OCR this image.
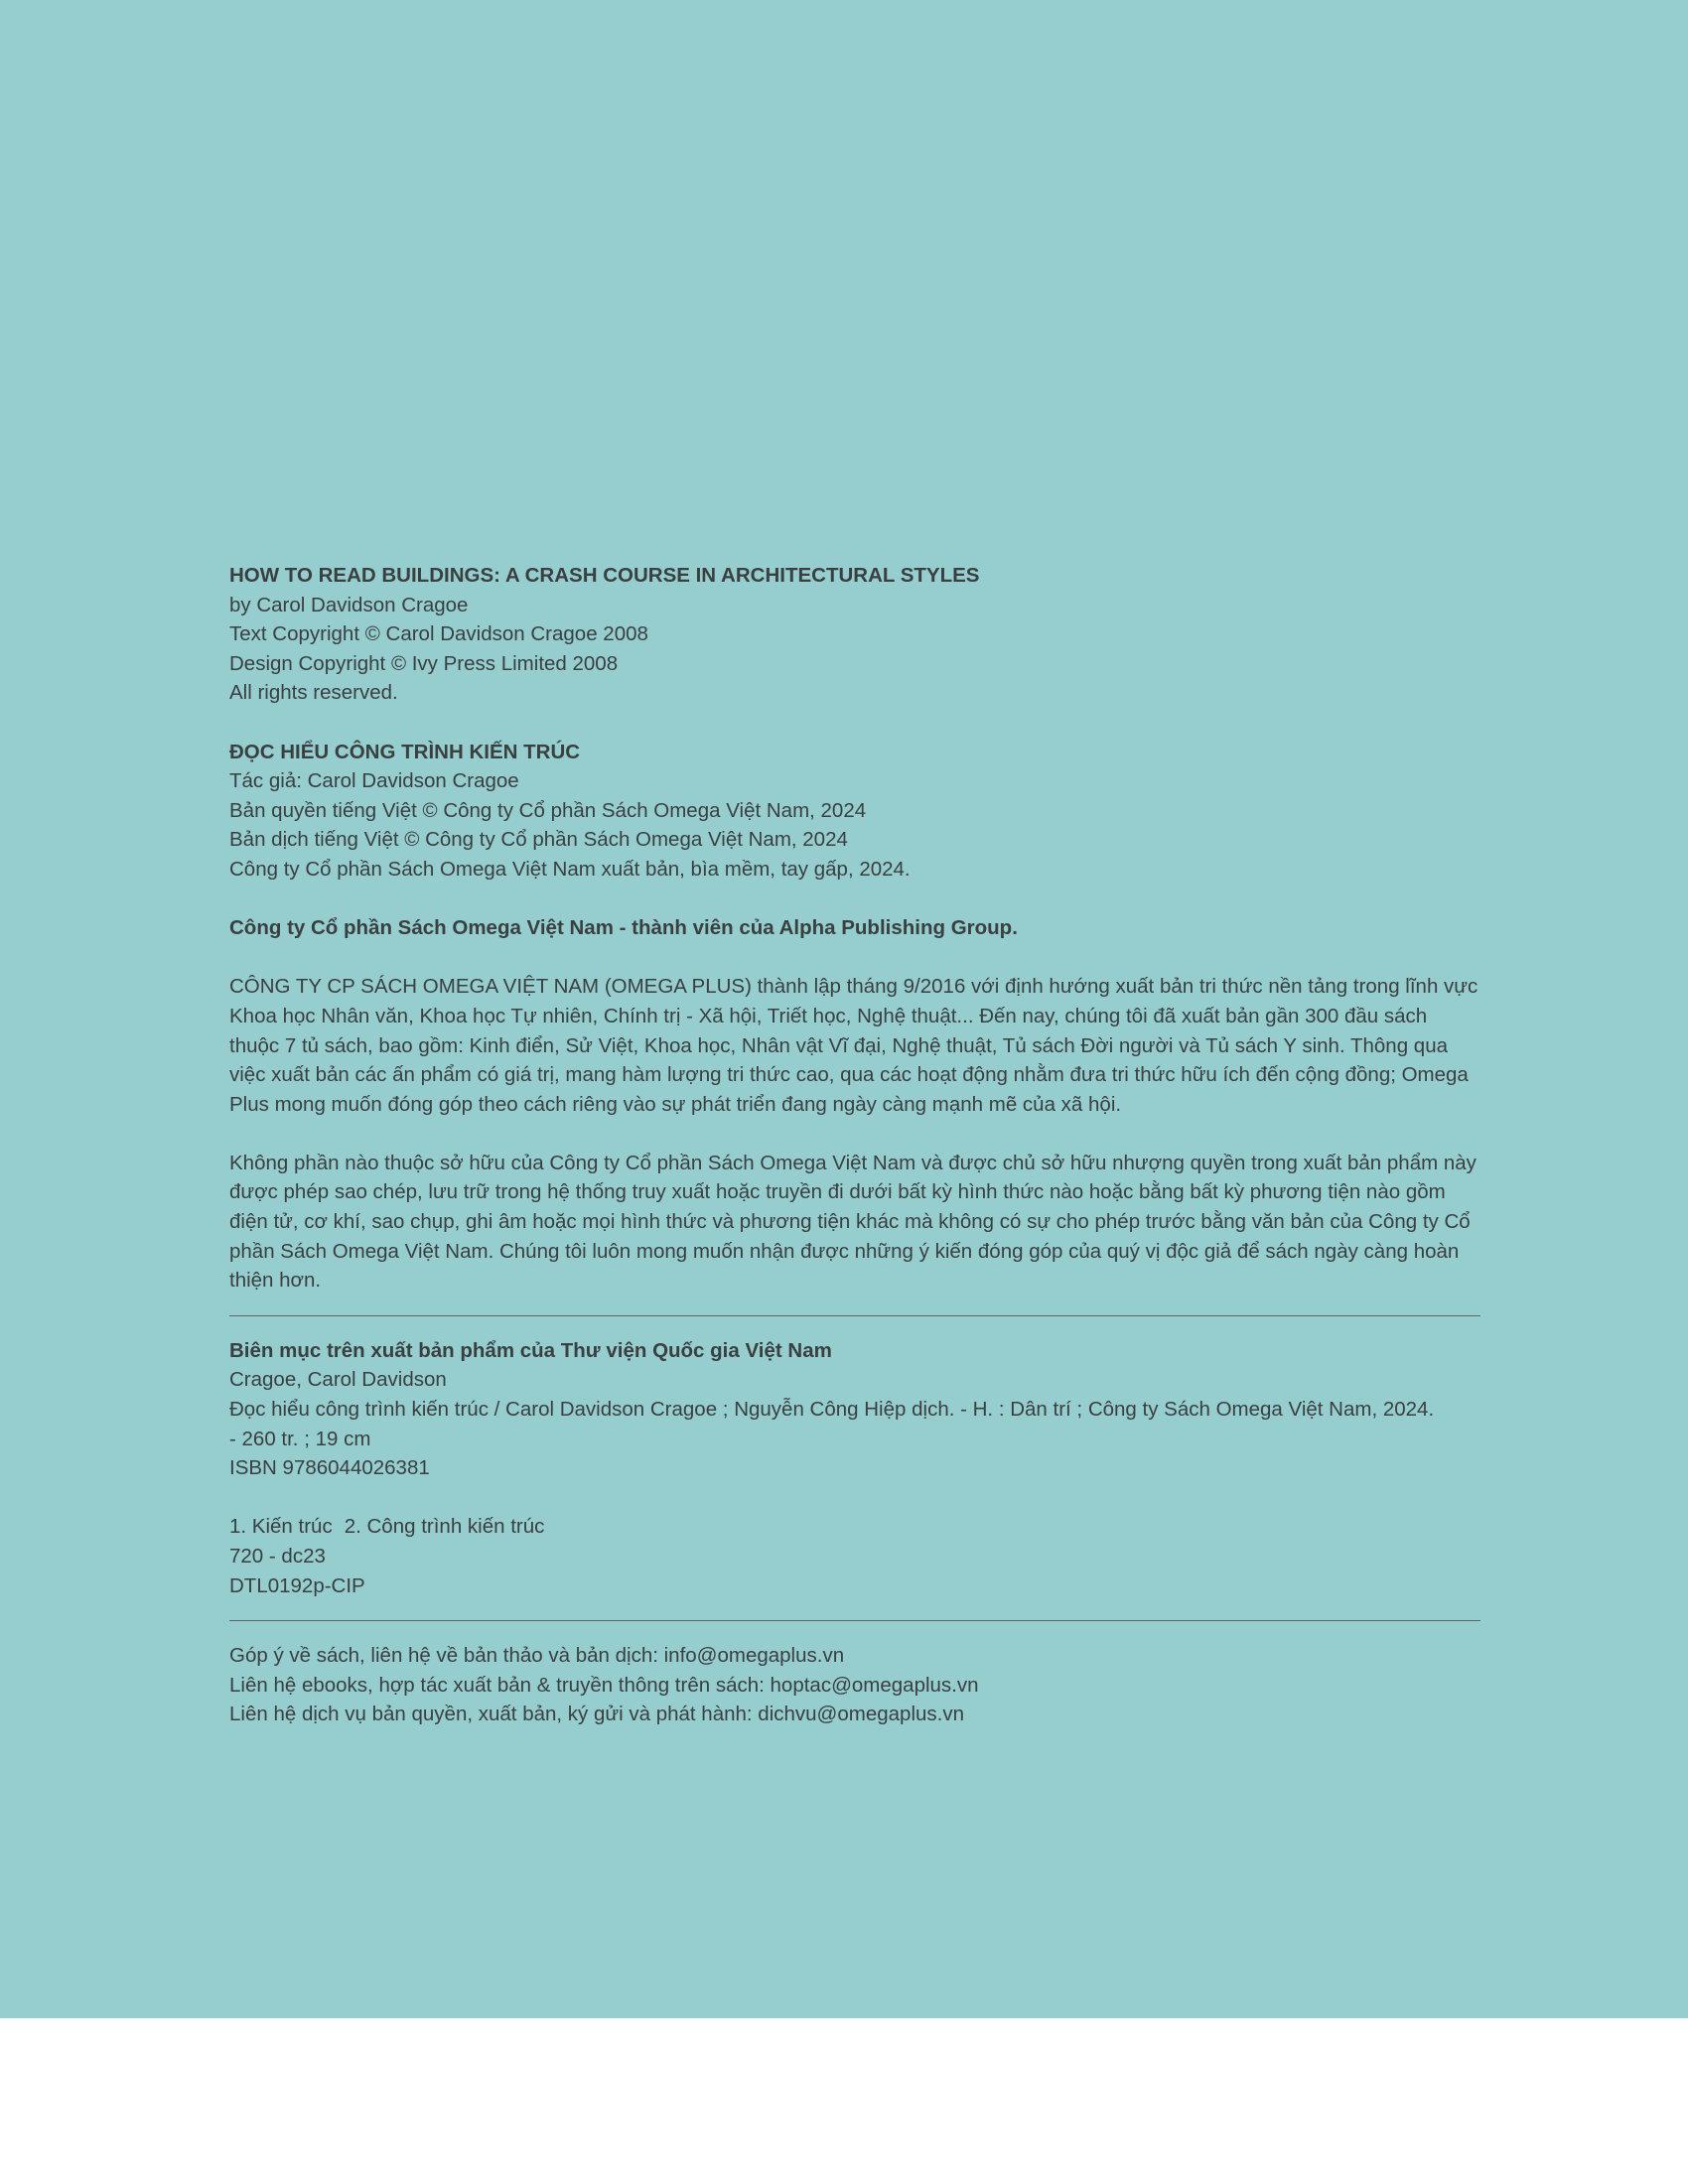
HOW TO READ BUILDINGS: A CRASH COURSE IN ARCHITECTURAL STYLES
by Carol Davidson Cragoe
Text Copyright © Carol Davidson Cragoe 2008
Design Copyright © Ivy Press Limited 2008
All rights reserved.
ĐỌC HIỂU CÔNG TRÌNH KIẾN TRÚC
Tác giả: Carol Davidson Cragoe
Bản quyền tiếng Việt © Công ty Cổ phần Sách Omega Việt Nam, 2024
Bản dịch tiếng Việt © Công ty Cổ phần Sách Omega Việt Nam, 2024
Công ty Cổ phần Sách Omega Việt Nam xuất bản, bìa mềm, tay gấp, 2024.
Công ty Cổ phần Sách Omega Việt Nam - thành viên của Alpha Publishing Group.
CÔNG TY CP SÁCH OMEGA VIỆT NAM (OMEGA PLUS) thành lập tháng 9/2016 với định hướng xuất bản tri thức nền tảng trong lĩnh vực Khoa học Nhân văn, Khoa học Tự nhiên, Chính trị - Xã hội, Triết học, Nghệ thuật... Đến nay, chúng tôi đã xuất bản gần 300 đầu sách thuộc 7 tủ sách, bao gồm: Kinh điển, Sử Việt, Khoa học, Nhân vật Vĩ đại, Nghệ thuật, Tủ sách Đời người và Tủ sách Y sinh. Thông qua việc xuất bản các ấn phẩm có giá trị, mang hàm lượng tri thức cao, qua các hoạt động nhằm đưa tri thức hữu ích đến cộng đồng; Omega Plus mong muốn đóng góp theo cách riêng vào sự phát triển đang ngày càng mạnh mẽ của xã hội.
Không phần nào thuộc sở hữu của Công ty Cổ phần Sách Omega Việt Nam và được chủ sở hữu nhượng quyền trong xuất bản phẩm này được phép sao chép, lưu trữ trong hệ thống truy xuất hoặc truyền đi dưới bất kỳ hình thức nào hoặc bằng bất kỳ phương tiện nào gồm điện tử, cơ khí, sao chụp, ghi âm hoặc mọi hình thức và phương tiện khác mà không có sự cho phép trước bằng văn bản của Công ty Cổ phần Sách Omega Việt Nam. Chúng tôi luôn mong muốn nhận được những ý kiến đóng góp của quý vị độc giả để sách ngày càng hoàn thiện hơn.
Biên mục trên xuất bản phẩm của Thư viện Quốc gia Việt Nam
Cragoe, Carol Davidson
Đọc hiểu công trình kiến trúc / Carol Davidson Cragoe ; Nguyễn Công Hiệp dịch. - H. : Dân trí ; Công ty Sách Omega Việt Nam, 2024.
- 260 tr. ; 19 cm
ISBN 9786044026381
1. Kiến trúc 2. Công trình kiến trúc
720 - dc23
DTL0192p-CIP
Góp ý về sách, liên hệ về bản thảo và bản dịch: info@omegaplus.vn
Liên hệ ebooks, hợp tác xuất bản & truyền thông trên sách: hoptac@omegaplus.vn
Liên hệ dịch vụ bản quyền, xuất bản, ký gửi và phát hành: dichvu@omegaplus.vn
